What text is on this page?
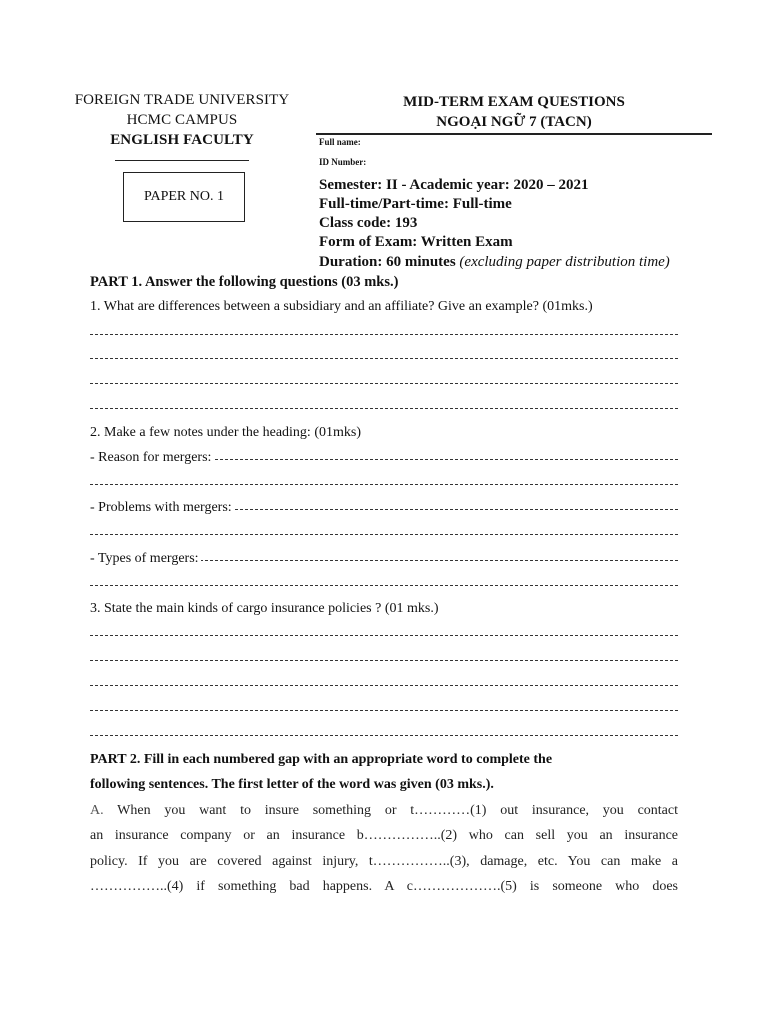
FOREIGN TRADE UNIVERSITY
HCMC CAMPUS
ENGLISH FACULTY
PAPER NO. 1
MID-TERM EXAM QUESTIONS
NGOẠI NGỮ 7 (TACN)
Full name:
ID Number:
Semester: II - Academic year: 2020 – 2021
Full-time/Part-time: Full-time
Class code: 193
Form of Exam: Written Exam
Duration: 60 minutes (excluding paper distribution time)
PART 1. Answer the following questions (03 mks.)
1. What are differences between a subsidiary and an affiliate? Give an example? (01mks.)
2. Make a few notes under the heading: (01mks)
- Reason for mergers:
- Problems with mergers:
- Types of mergers:
3. State the main kinds of cargo insurance policies ? (01 mks.)
PART 2. Fill in each numbered gap with an appropriate word to complete the
following sentences. The first letter of the word was given (03 mks.).
A. When you want to insure something or t…………(1) out insurance, you contact
an insurance company or an insurance b……………..(2) who can sell you an insurance
policy. If you are covered against injury, t……………..(3), damage, etc. You can make a
……………..(4) if something bad happens. A c……………….(5) is someone who does
